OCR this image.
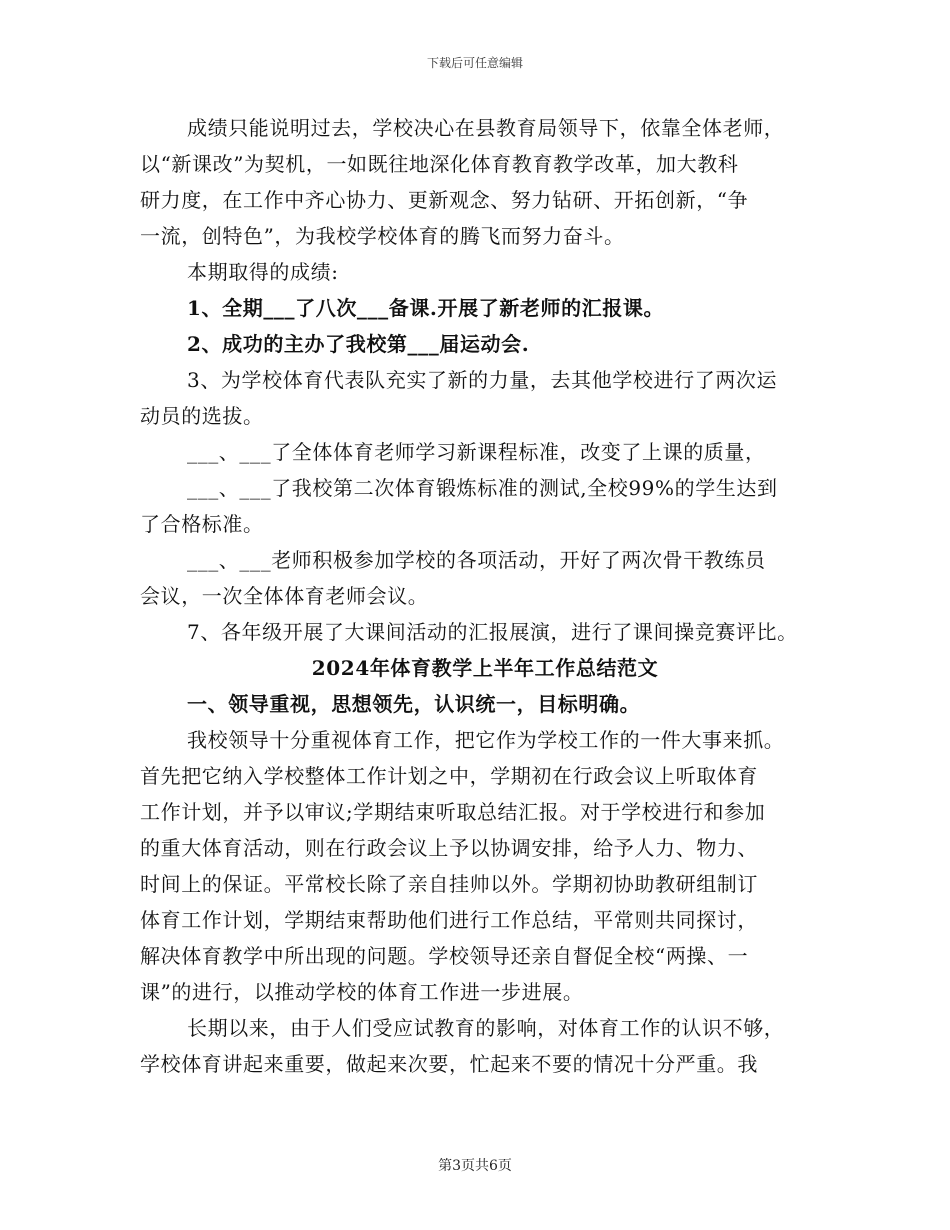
下载后可任意编辑
成绩只能说明过去，学校决心在县教育局领导下，依靠全体老师，
以“新课改”为契机，一如既往地深化体育教育教学改革，加大教科
研力度，在工作中齐心协力、更新观念、努力钻研、开拓创新，“争
一流，创特色”，为我校学校体育的腾飞而努力奋斗。
本期取得的成绩:
1、全期___了八次___备课.开展了新老师的汇报课。
2、成功的主办了我校第___届运动会.
3、为学校体育代表队充实了新的力量，去其他学校进行了两次运
动员的选拔。
___、___了全体体育老师学习新课程标准，改变了上课的质量，
___、___了我校第二次体育锻炼标准的测试,全校99%的学生达到
了合格标准。
___、___老师积极参加学校的各项活动，开好了两次骨干教练员
会议，一次全体体育老师会议。
7、各年级开展了大课间活动的汇报展演，进行了课间操竞赛评比。
2024年体育教学上半年工作总结范文
一、领导重视，思想领先，认识统一，目标明确。
我校领导十分重视体育工作，把它作为学校工作的一件大事来抓。
首先把它纳入学校整体工作计划之中，学期初在行政会议上听取体育
工作计划，并予以审议;学期结束听取总结汇报。对于学校进行和参加
的重大体育活动，则在行政会议上予以协调安排，给予人力、物力、
时间上的保证。平常校长除了亲自挂帅以外。学期初协助教研组制订
体育工作计划，学期结束帮助他们进行工作总结，平常则共同探讨，
解决体育教学中所出现的问题。学校领导还亲自督促全校“两操、一
课”的进行，以推动学校的体育工作进一步进展。
长期以来，由于人们受应试教育的影响，对体育工作的认识不够，
学校体育讲起来重要，做起来次要，忙起来不要的情况十分严重。我
第3页共6页
